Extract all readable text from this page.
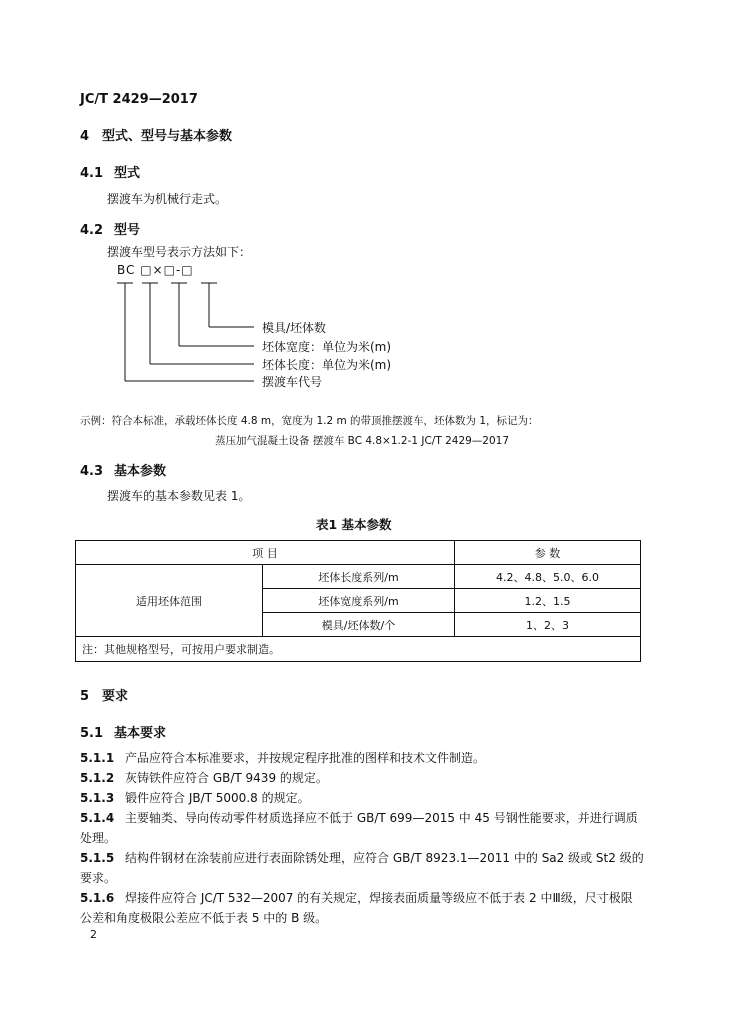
JC/T 2429—2017
4 型式、型号与基本参数
4.1 型式
摆渡车为机械行走式。
4.2 型号
摆渡车型号表示方法如下：
BC □×□-□
模具/坯体数
坯体宽度：单位为米(m)
坯体长度：单位为米(m)
摆渡车代号
示例：符合本标准，承载坯体长度 4.8 m，宽度为 1.2 m 的带顶推摆渡车，坯体数为 1，标记为：
蒸压加气混凝土设备 摆渡车 BC 4.8×1.2-1 JC/T 2429—2017
4.3 基本参数
摆渡车的基本参数见表 1。
表1 基本参数
项 目		参 数
适用坯体范围	坯体长度系列/m	4.2、4.8、5.0、6.0
	坯体宽度系列/m	1.2、1.5
	模具/坯体数/个	1、2、3
注：其他规格型号，可按用户要求制造。		
5 要求
5.1 基本要求
5.1.1 产品应符合本标准要求，并按规定程序批准的图样和技术文件制造。
5.1.2 灰铸铁件应符合 GB/T 9439 的规定。
5.1.3 锻件应符合 JB/T 5000.8 的规定。
5.1.4 主要轴类、导向传动零件材质选择应不低于 GB/T 699—2015 中 45 号钢性能要求，并进行调质
处理。
5.1.5 结构件钢材在涂装前应进行表面除锈处理，应符合 GB/T 8923.1—2011 中的 Sa2 级或 St2 级的
要求。
5.1.6 焊接件应符合 JC/T 532—2007 的有关规定，焊接表面质量等级应不低于表 2 中Ⅲ级，尺寸极限
公差和角度极限公差应不低于表 5 中的 B 级。
2
